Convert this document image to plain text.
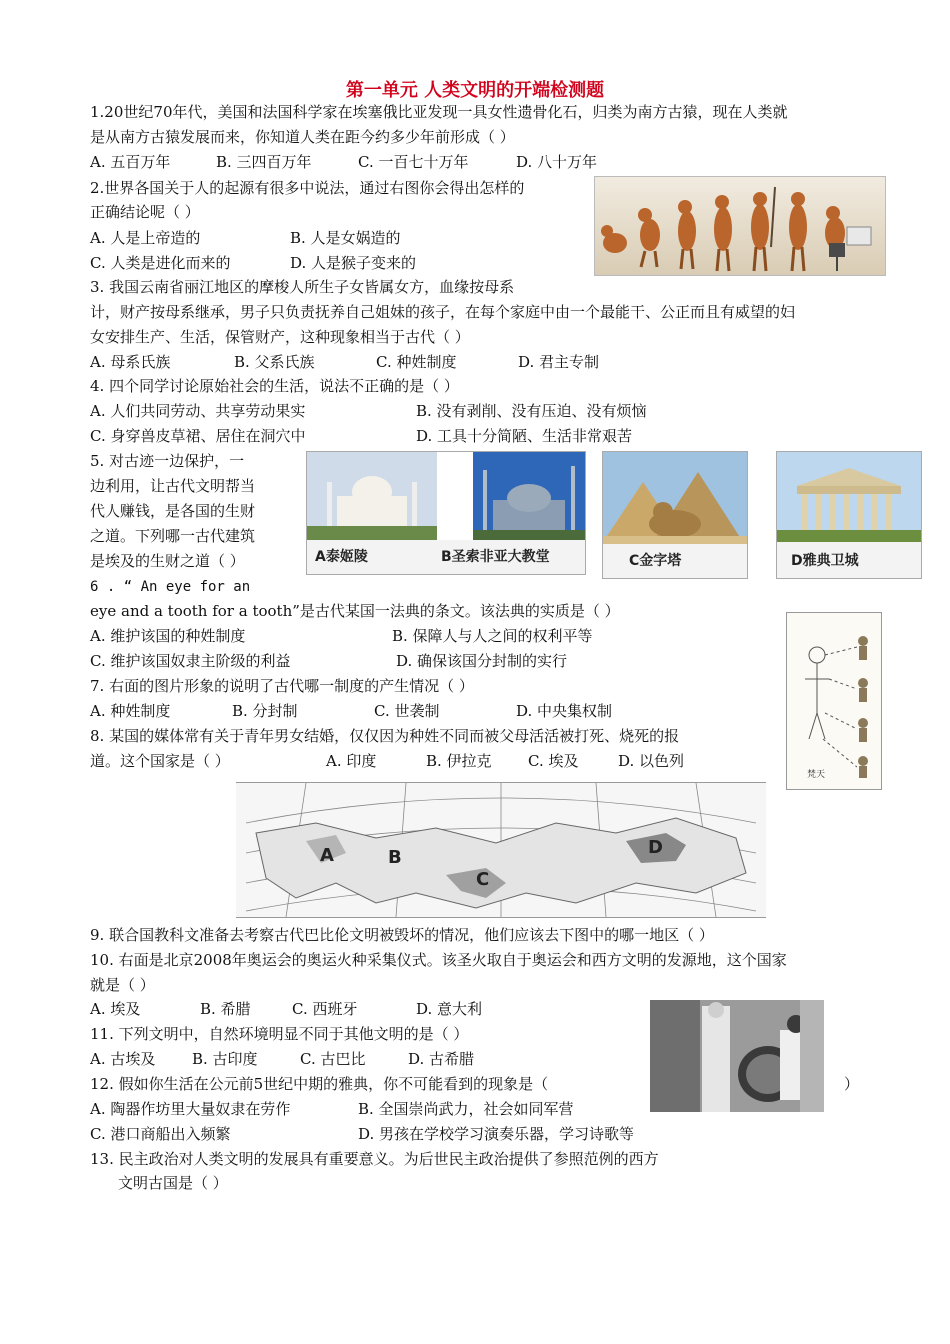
第一单元 人类文明的开端检测题
1.20世纪70年代，美国和法国科学家在埃塞俄比亚发现一具女性遗骨化石，归类为南方古猿，现在人类就
是从南方古猿发展而来，你知道人类在距今约多少年前形成（ ）
A. 五百万年	B. 三四百万年	C. 一百七十万年	D. 八十万年
2.世界各国关于人的起源有很多中说法，通过右图你会得出怎样的
正确结论呢（ ）
A. 人是上帝造的	B. 人是女娲造的
C. 人类是进化而来的	D. 人是猴子变来的
3. 我国云南省丽江地区的摩梭人所生子女皆属女方，血缘按母系
计，财产按母系继承，男子只负责抚养自己姐妹的孩子，在每个家庭中由一个最能干、公正而且有威望的妇
女安排生产、生活，保管财产，这种现象相当于古代（ ）
A. 母系氏族	B. 父系氏族	C. 种姓制度	D. 君主专制
4. 四个同学讨论原始社会的生活，说法不正确的是（ ）
A. 人们共同劳动、共享劳动果实	B. 没有剥削、没有压迫、没有烦恼
C. 身穿兽皮草裙、居住在洞穴中	D. 工具十分简陋、生活非常艰苦
5. 对古迹一边保护，一
边利用，让古代文明帮当
代人赚钱，是各国的生财
之道。下列哪一古代建筑
是埃及的生财之道（ ）	A泰姬陵	B圣索非亚大教堂	C金字塔	D雅典卫城
6 . “ An eye for an
eye and a tooth for a tooth”是古代某国一法典的条文。该法典的实质是（ ）
A. 维护该国的种姓制度	B. 保障人与人之间的权利平等
C. 维护该国奴隶主阶级的利益	D. 确保该国分封制的实行
7. 右面的图片形象的说明了古代哪一制度的产生情况（ ）
A. 种姓制度	B. 分封制	C. 世袭制	D. 中央集权制
梵天
8. 某国的媒体常有关于青年男女结婚，仅仅因为种姓不同而被父母活活被打死、烧死的报
道。这个国家是（ ）	A. 印度	B. 伊拉克 C. 埃及	D. 以色列
A	B
C
D
9. 联合国教科文准备去考察古代巴比伦文明被毁坏的情况，他们应该去下图中的哪一地区（ ）
10. 右面是北京2008年奥运会的奥运火种采集仪式。该圣火取自于奥运会和西方文明的发源地，这个国家
就是（ ）
A. 埃及	B. 希腊	C. 西班牙	D. 意大利
11. 下列文明中，自然环境明显不同于其他文明的是（ ）
A. 古埃及 B. 古印度	C. 古巴比	D. 古希腊
12. 假如你生活在公元前5世纪中期的雅典，你不可能看到的现象是（	）
A. 陶器作坊里大量奴隶在劳作	B. 全国崇尚武力，社会如同军营
C. 港口商船出入频繁	D. 男孩在学校学习演奏乐器，学习诗歌等
13. 民主政治对人类文明的发展具有重要意义。为后世民主政治提供了参照范例的西方
文明古国是（ ）
